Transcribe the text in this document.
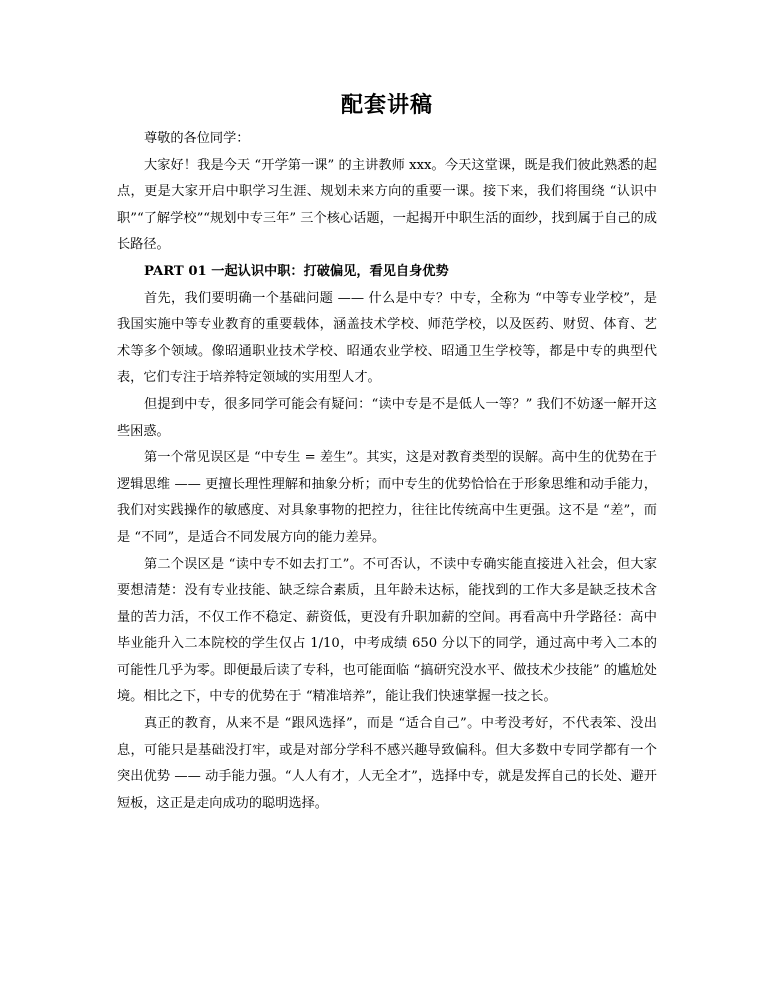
配套讲稿

尊敬的各位同学：

大家好！我是今天 “开学第一课” 的主讲教师 xxx。今天这堂课，既是我们彼此熟悉的起点，更是大家开启中职学习生涯、规划未来方向的重要一课。接下来，我们将围绕 “认识中职”“了解学校”“规划中专三年” 三个核心话题，一起揭开中职生活的面纱，找到属于自己的成长路径。

PART 01 一起认识中职：打破偏见，看见自身优势

首先，我们要明确一个基础问题 —— 什么是中专？中专，全称为 “中等专业学校”，是我国实施中等专业教育的重要载体，涵盖技术学校、师范学校，以及医药、财贸、体育、艺术等多个领域。像昭通职业技术学校、昭通农业学校、昭通卫生学校等，都是中专的典型代表，它们专注于培养特定领域的实用型人才。

但提到中专，很多同学可能会有疑问：“读中专是不是低人一等？” 我们不妨逐一解开这些困惑。

第一个常见误区是 “中专生 = 差生”。其实，这是对教育类型的误解。高中生的优势在于逻辑思维 —— 更擅长理性理解和抽象分析；而中专生的优势恰恰在于形象思维和动手能力，我们对实践操作的敏感度、对具象事物的把控力，往往比传统高中生更强。这不是 “差”，而是 “不同”，是适合不同发展方向的能力差异。

第二个误区是 “读中专不如去打工”。不可否认，不读中专确实能直接进入社会，但大家要想清楚：没有专业技能、缺乏综合素质，且年龄未达标，能找到的工作大多是缺乏技术含量的苦力活，不仅工作不稳定、薪资低，更没有升职加薪的空间。再看高中升学路径：高中毕业能升入二本院校的学生仅占 1/10，中考成绩 650 分以下的同学，通过高中考入二本的可能性几乎为零。即便最后读了专科，也可能面临 “搞研究没水平、做技术少技能” 的尴尬处境。相比之下，中专的优势在于 “精准培养”，能让我们快速掌握一技之长。

真正的教育，从来不是 “跟风选择”，而是 “适合自己”。中考没考好，不代表笨、没出息，可能只是基础没打牢，或是对部分学科不感兴趣导致偏科。但大多数中专同学都有一个突出优势 —— 动手能力强。“人人有才，人无全才”，选择中专，就是发挥自己的长处、避开短板，这正是走向成功的聪明选择。
